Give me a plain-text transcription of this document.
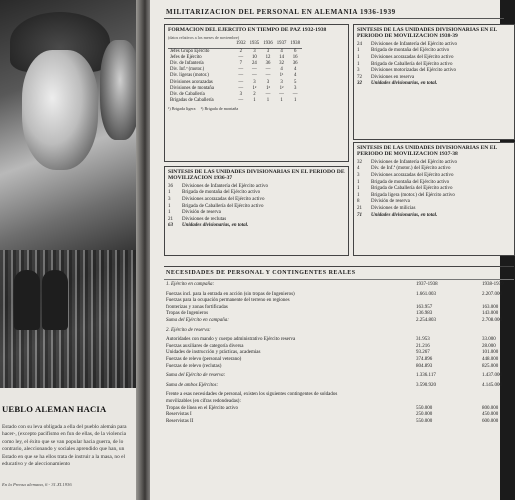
UEBLO ALEMAN HACIA
Estado con su leva obligada a ella del pueblo alemán para hacer-, (excepto pacifismo en fun de ellas, de la violencia como ley, el éxito que se van popular hacia guerra, de lo contrario, aleccionando y sociales aprendido que han, un Estado en que se ha ellos trata de instruir a la masa, no el educativo y de aleccionamiento
En la Prensa alemana, 6 - 31.XI.1936
MILITARIZACION DEL PERSONAL EN ALEMANIA 1936-1939
FORMACION DEL EJERCITO EN TIEMPO DE PAZ 1932-1938
(datos relativos a los meses de noviembre)
	1932	1935	1936	1937	1938
Jefes Grupo Ejército	2	3	3	4	6
Jefes de Ejército	—	10	12	14	16
Div. de Infantería	7	24	36	32	36
Div. Inf.ª (motor.)	—	—	—	4	4
Div. ligeras (motor.)	—	—	—	1¹	4
Divisiones acorazadas	—	3	3	3	5
Divisiones de montaña	—	1²	1²	1²	3
Div. de Caballería	3	2	—	—	—
Brigadas de Caballería	—	1	1	1	1
¹) Brigada ligera ²) Brigada de montaña
SINTESIS DE LAS UNIDADES DIVISIONARIAS EN EL PERIODO DE MOVILIZACION 1936-37
36	Divisiones de Infantería del Ejército activo
1	Brigada de montaña del Ejército activo
3	Divisiones acorazadas del Ejército activo
1	Brigada de Caballería del Ejército activo
1	División de reserva
21	Divisiones de reclutas
63	Unidades divisionarias, en total.
SINTESIS DE LAS UNIDADES DIVISIONARIAS EN EL PERIODO DE MOVILIZACION 1938-39
24	Divisiones de Infantería del Ejército activo
1	Brigada de montaña del Ejército activo
1	Divisiones acorazadas del Ejército activo
1	Brigada de Caballería del Ejército activo
3	Divisiones motorizadas del Ejército activo
72	Divisiones en reserva
32	Unidades divisionarias, en total.
SINTESIS DE LAS UNIDADES DIVISIONARIAS EN EL PERIODO DE MOVILIZACION 1937-38
32	Divisiones de Infantería del Ejército activo
4	Div. de Inf.ª (motor.) del Ejército activo
3	Divisiones acorazadas del Ejército activo
1	Brigada de montaña del Ejército activo
1	Brigada de Caballería del Ejército activo
1	Brigada ligera (motor.) del Ejército activo
8	División de reserva
21	Divisiones de milicias
71	Unidades divisionarias, en total.
NECESIDADES DE PERSONAL Y CONTINGENTES REALES
1. Ejército en campaña:	1937-1938	1938-1939
Fuerzas incl. para la entrada en acción (sin tropas de Ingenieros)	1.661.003	2.207.000
Fuerzas para la ocupación permanente del terreno en regiones
fronterizas y zonas fortificadas	163.957	163.000
Tropas de Ingenieros	136.983	143.000
Suma del Ejército en campaña:	2.254.803	2.708.000
2. Ejército de reserva:
Autoridades con mando y cuerpo administrativo Ejército reserva	31.953	33.000
Fuerzas auxiliares de categoría diversa	21.216	28.000
Unidades de instrucción y prácticas, academias	93.267	101.000
Fuerzas de relevo (personal veterano)	374.896	448.000
Fuerzas de relevo (reclutas)	804.893	825.000
Suma del Ejército de reserva:	1.336.117	1.437.000
Suma de ambos Ejércitos:	3.590.920	4.145.000
Frente a esas necesidades de personal, existen los siguientes contingentes de soldados
movilizables (en cifras redondeadas):
Tropas de línea en el Ejército activo	550.000	800.000
Reservistas I	250.000	450.000
Reservistas II	550.000	600.000
